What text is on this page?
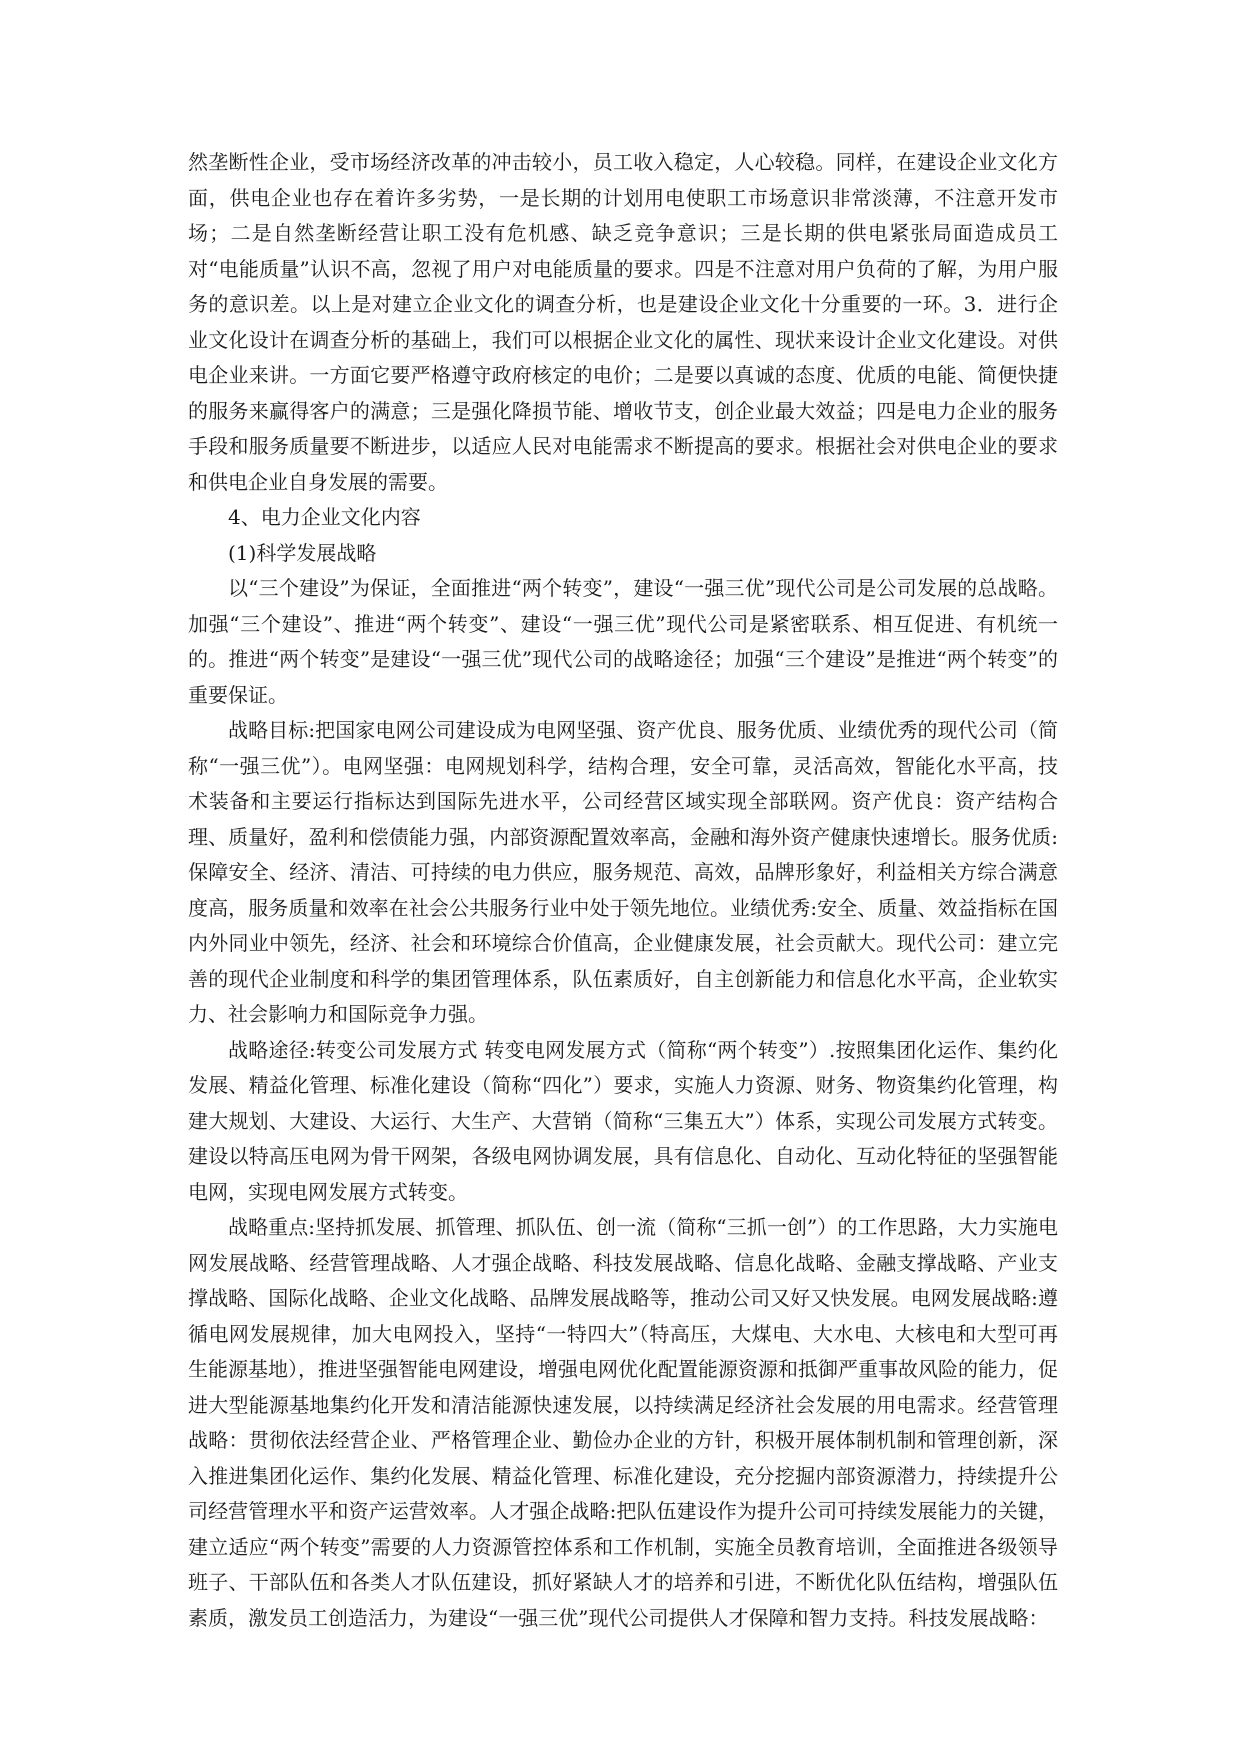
然垄断性企业，受市场经济改革的冲击较小，员工收入稳定，人心较稳。同样，在建设企业文化方面，供电企业也存在着许多劣势，一是长期的计划用电使职工市场意识非常淡薄，不注意开发市场；二是自然垄断经营让职工没有危机感、缺乏竞争意识；三是长期的供电紧张局面造成员工对“电能质量”认识不高，忽视了用户对电能质量的要求。四是不注意对用户负荷的了解，为用户服务的意识差。以上是对建立企业文化的调查分析，也是建设企业文化十分重要的一环。3．进行企业文化设计在调查分析的基础上，我们可以根据企业文化的属性、现状来设计企业文化建设。对供电企业来讲。一方面它要严格遵守政府核定的电价；二是要以真诚的态度、优质的电能、简便快捷的服务来赢得客户的满意；三是强化降损节能、增收节支，创企业最大效益；四是电力企业的服务手段和服务质量要不断进步，以适应人民对电能需求不断提高的要求。根据社会对供电企业的要求和供电企业自身发展的需要。

4、电力企业文化内容

(1)科学发展战略

以“三个建设”为保证，全面推进“两个转变”，建设“一强三优”现代公司是公司发展的总战略。加强“三个建设”、推进“两个转变”、建设“一强三优”现代公司是紧密联系、相互促进、有机统一的。推进“两个转变”是建设“一强三优”现代公司的战略途径；加强“三个建设”是推进“两个转变”的重要保证。

战略目标:把国家电网公司建设成为电网坚强、资产优良、服务优质、业绩优秀的现代公司（简称“一强三优”）。电网坚强：电网规划科学，结构合理，安全可靠，灵活高效，智能化水平高，技术装备和主要运行指标达到国际先进水平，公司经营区域实现全部联网。资产优良：资产结构合理、质量好，盈利和偿债能力强，内部资源配置效率高，金融和海外资产健康快速增长。服务优质:保障安全、经济、清洁、可持续的电力供应，服务规范、高效，品牌形象好，利益相关方综合满意度高，服务质量和效率在社会公共服务行业中处于领先地位。业绩优秀:安全、质量、效益指标在国内外同业中领先，经济、社会和环境综合价值高，企业健康发展，社会贡献大。现代公司：建立完善的现代企业制度和科学的集团管理体系，队伍素质好，自主创新能力和信息化水平高，企业软实力、社会影响力和国际竞争力强。

战略途径:转变公司发展方式 转变电网发展方式（简称“两个转变”）.按照集团化运作、集约化发展、精益化管理、标准化建设（简称“四化”）要求，实施人力资源、财务、物资集约化管理，构建大规划、大建设、大运行、大生产、大营销（简称“三集五大”）体系，实现公司发展方式转变。建设以特高压电网为骨干网架，各级电网协调发展，具有信息化、自动化、互动化特征的坚强智能电网，实现电网发展方式转变。

战略重点:坚持抓发展、抓管理、抓队伍、创一流（简称“三抓一创”）的工作思路，大力实施电网发展战略、经营管理战略、人才强企战略、科技发展战略、信息化战略、金融支撑战略、产业支撑战略、国际化战略、企业文化战略、品牌发展战略等，推动公司又好又快发展。电网发展战略:遵循电网发展规律，加大电网投入，坚持“一特四大”（特高压，大煤电、大水电、大核电和大型可再生能源基地），推进坚强智能电网建设，增强电网优化配置能源资源和抵御严重事故风险的能力，促进大型能源基地集约化开发和清洁能源快速发展，以持续满足经济社会发展的用电需求。经营管理战略：贯彻依法经营企业、严格管理企业、勤俭办企业的方针，积极开展体制机制和管理创新，深入推进集团化运作、集约化发展、精益化管理、标准化建设，充分挖掘内部资源潜力，持续提升公司经营管理水平和资产运营效率。人才强企战略:把队伍建设作为提升公司可持续发展能力的关键，建立适应“两个转变”需要的人力资源管控体系和工作机制，实施全员教育培训，全面推进各级领导班子、干部队伍和各类人才队伍建设，抓好紧缺人才的培养和引进，不断优化队伍结构，增强队伍素质，激发员工创造活力，为建设“一强三优”现代公司提供人才保障和智力支持。科技发展战略：
